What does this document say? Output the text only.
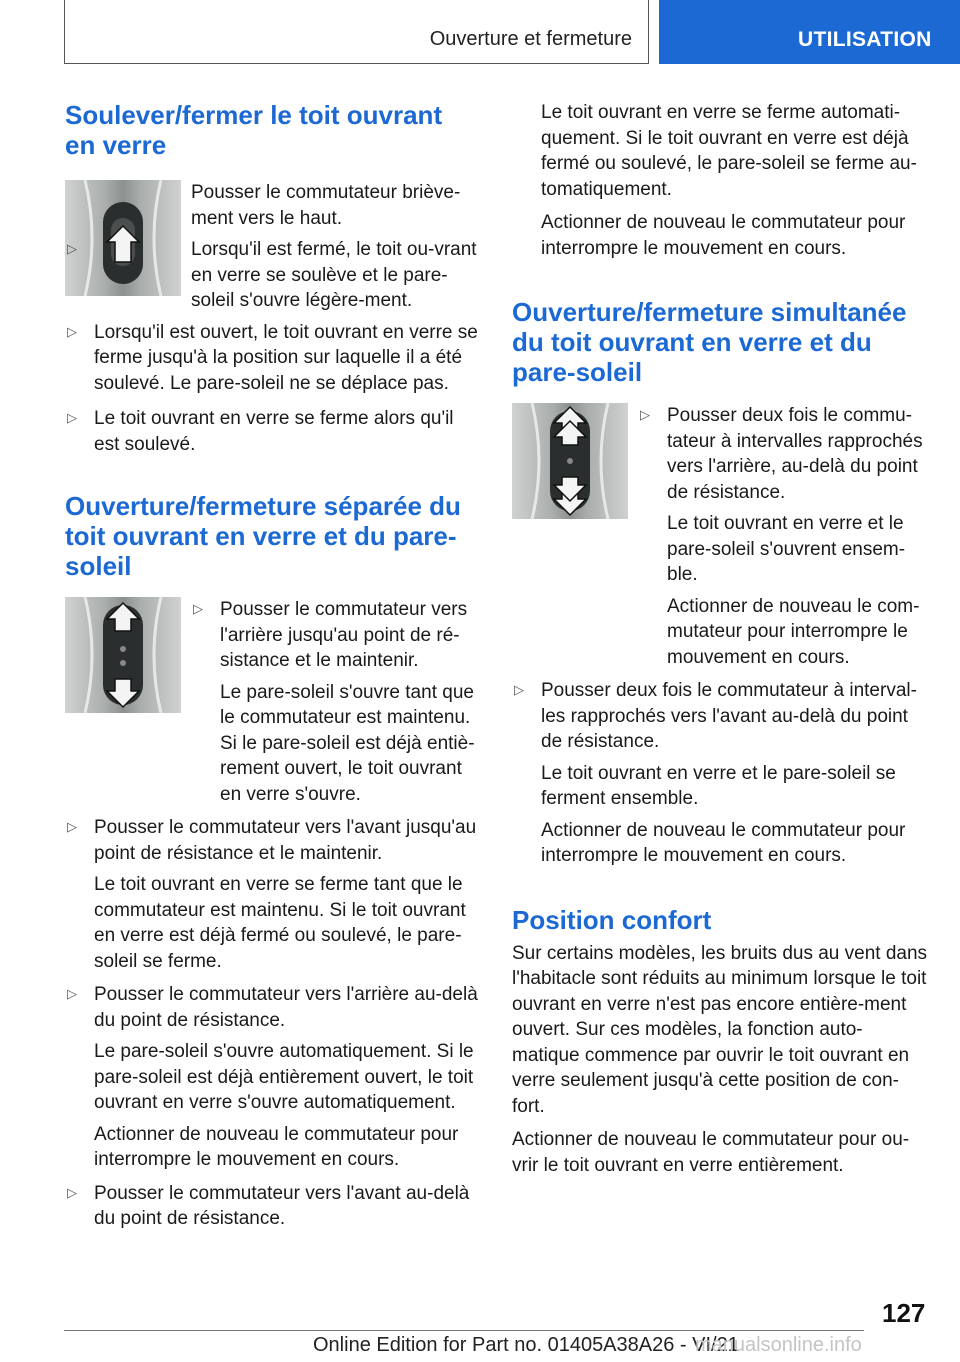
Ouverture et fermeture	UTILISATION
Soulever/fermer le toit ouvrant en verre

Pousser le commutateur briève-ment vers le haut.

▷	Lorsqu'il est fermé, le toit ou-vrant en verre se soulève et le pare-soleil s'ouvre légère-ment.

▷ Lorsqu'il est ouvert, le toit ouvrant en verre se ferme jusqu'à la position sur laquelle il a été soulevé. Le pare-soleil ne se déplace pas.

▷ Le toit ouvrant en verre se ferme alors qu'il est soulevé.

Ouverture/fermeture séparée du toit ouvrant en verre et du pare-soleil
▷ Pousser le commutateur vers l'arrière jusqu'au point de ré-sistance et le maintenir.

Le pare-soleil s'ouvre tant que le commutateur est maintenu. Si le pare-soleil est déjà entiè-rement ouvert, le toit ouvrant en verre s'ouvre.

▷ Pousser le commutateur vers l'avant jusqu'au point de résistance et le maintenir.

Le toit ouvrant en verre se ferme tant que le commutateur est maintenu. Si le toit ouvrant en verre est déjà fermé ou soulevé, le pare-soleil se ferme.

▷ Pousser le commutateur vers l'arrière au-delà du point de résistance.

Le pare-soleil s'ouvre automatiquement. Si le pare-soleil est déjà entièrement ouvert, le toit ouvrant en verre s'ouvre automatiquement.

Actionner de nouveau le commutateur pour interrompre le mouvement en cours.

▷ Pousser le commutateur vers l'avant au-delà du point de résistance.

Le toit ouvrant en verre se ferme automati-quement. Si le toit ouvrant en verre est déjà fermé ou soulevé, le pare-soleil se ferme au-tomatiquement.

Actionner de nouveau le commutateur pour interrompre le mouvement en cours.

Ouverture/fermeture simultanée du toit ouvrant en verre et du pare-soleil
▷ Pousser deux fois le commu-tateur à intervalles rapprochés vers l'arrière, au-delà du point de résistance.

Le toit ouvrant en verre et le pare-soleil s'ouvrent ensem-ble.

Actionner de nouveau le com-mutateur pour interrompre le mouvement en cours.

▷ Pousser deux fois le commutateur à interval-les rapprochés vers l'avant au-delà du point de résistance.

Le toit ouvrant en verre et le pare-soleil se ferment ensemble.

Actionner de nouveau le commutateur pour interrompre le mouvement en cours.

Position confort

Sur certains modèles, les bruits dus au vent dans l'habitacle sont réduits au minimum lorsque le toit ouvrant en verre n'est pas encore entière-ment ouvert. Sur ces modèles, la fonction auto-matique commence par ouvrir le toit ouvrant en verre seulement jusqu'à cette position de con-fort.

Actionner de nouveau le commutateur pour ou-vrir le toit ouvrant en verre entièrement.

127
Online Edition for Part no. 01405A38A26 - VI/21
manualsonline.info
